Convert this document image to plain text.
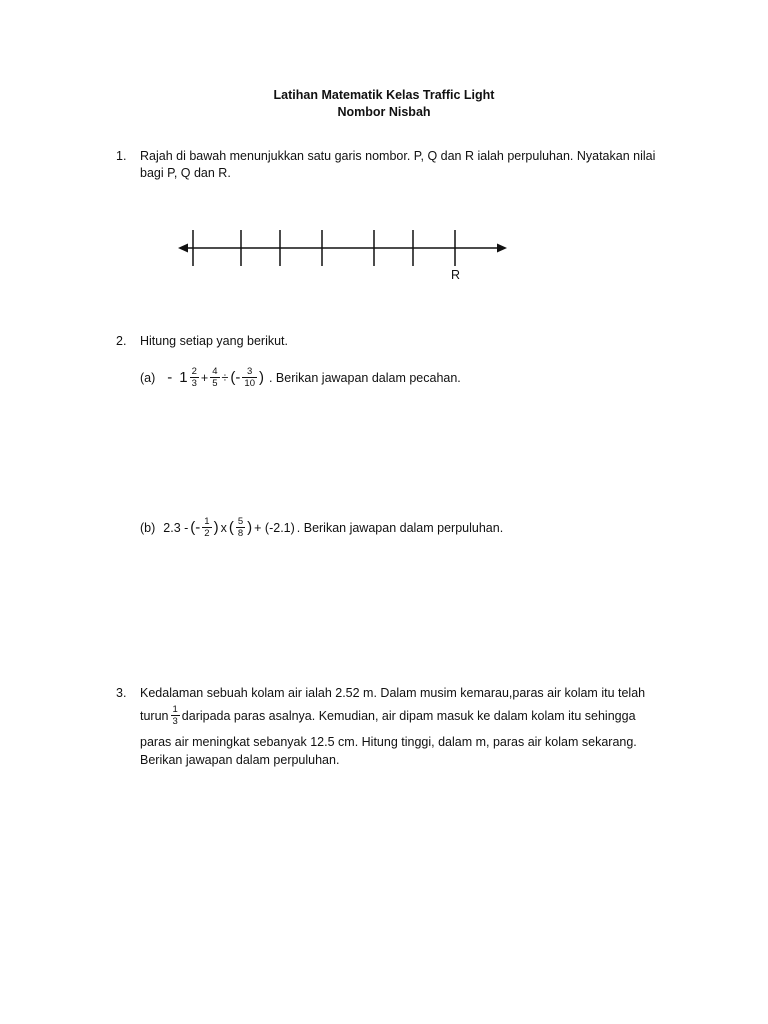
Latihan Matematik Kelas Traffic Light
Nombor Nisbah
1. Rajah di bawah menunjukkan satu garis nombor. P, Q dan R ialah perpuluhan. Nyatakan nilai
bagi P, Q dan R.
R
2. Hitung setiap yang berikut.
$(a) - 1 \frac{2}{3} + \frac{4}{5}$ ÷ (- $\frac{3}{10}$ ) . Berikan jawapan dalam pecahan.
(b) 2.3 - (- $\frac{1}{2}$ ) x ( $\frac{5}{8}$ ) + (-2.1) . Berikan jawapan dalam perpuluhan.
3. Kedalaman sebuah kolam air ialah 2.52 m. Dalam musim kemarau,paras air kolam itu telah
turun $\frac{1}{3}$ daripada paras asalnya. Kemudian, air dipam masuk ke dalam kolam itu sehingga
paras air meningkat sebanyak 12.5 cm. Hitung tinggi, dalam m, paras air kolam sekarang.
Berikan jawapan dalam perpuluhan.
